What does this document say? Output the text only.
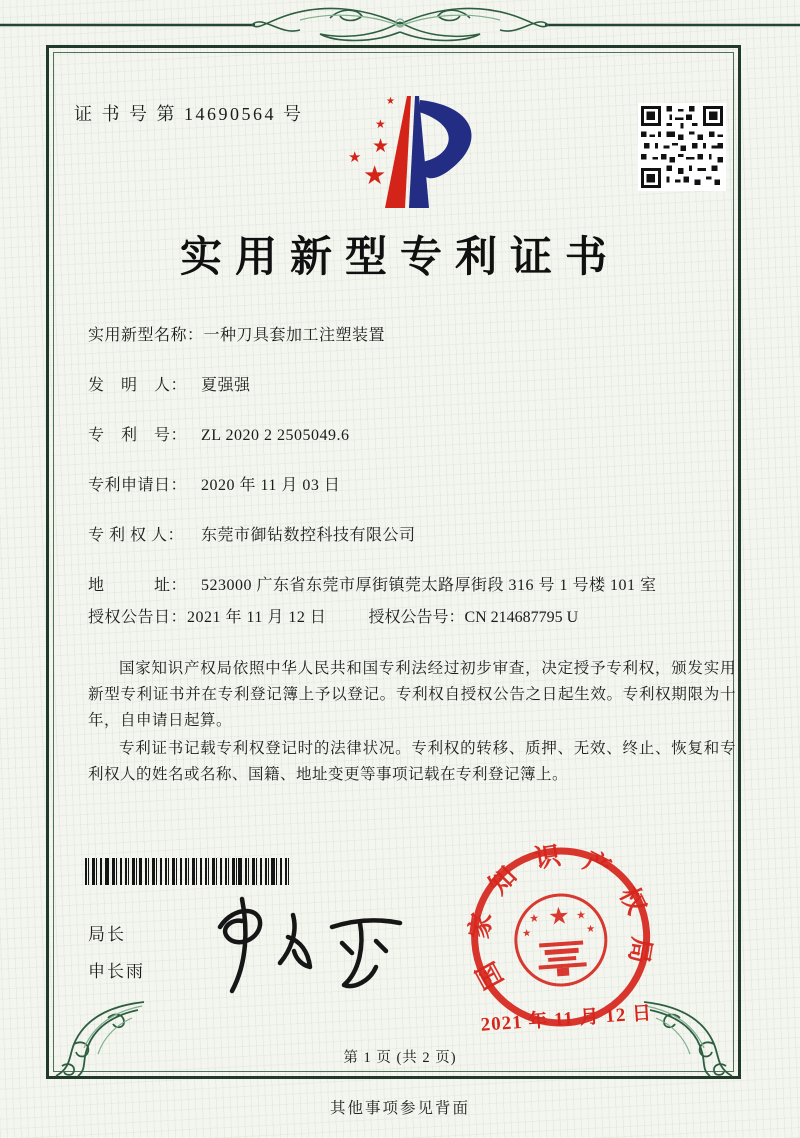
证 书 号 第 14690564 号
★
★
★
★
★
实用新型专利证书
实用新型名称： 一种刀具套加工注塑装置
发　明　人： 夏强强
专　利　号： ZL 2020 2 2505049.6
专利申请日： 2020 年 11 月 03 日
专 利 权 人：	东莞市御钻数控科技有限公司
地　　　址： 523000 广东省东莞市厚街镇莞太路厚街段 316 号 1 号楼 101 室
授权公告日：2021 年 11 月 12 日	授权公告号：CN 214687795 U

国家知识产权局依照中华人民共和国专利法经过初步审查，决定授予专利权，颁发实用新型专利证书并在专利登记簿上予以登记。专利权自授权公告之日起生效。专利权期限为十年，自申请日起算。

专利证书记载专利权登记时的法律状况。专利权的转移、质押、无效、终止、恢复和专利权人的姓名或名称、国籍、地址变更等事项记载在专利登记簿上。

局长
申长雨	国家知识产权局
★
★	★
★	★
2021 年 11 月 12 日
第 1 页 (共 2 页)
其他事项参见背面
